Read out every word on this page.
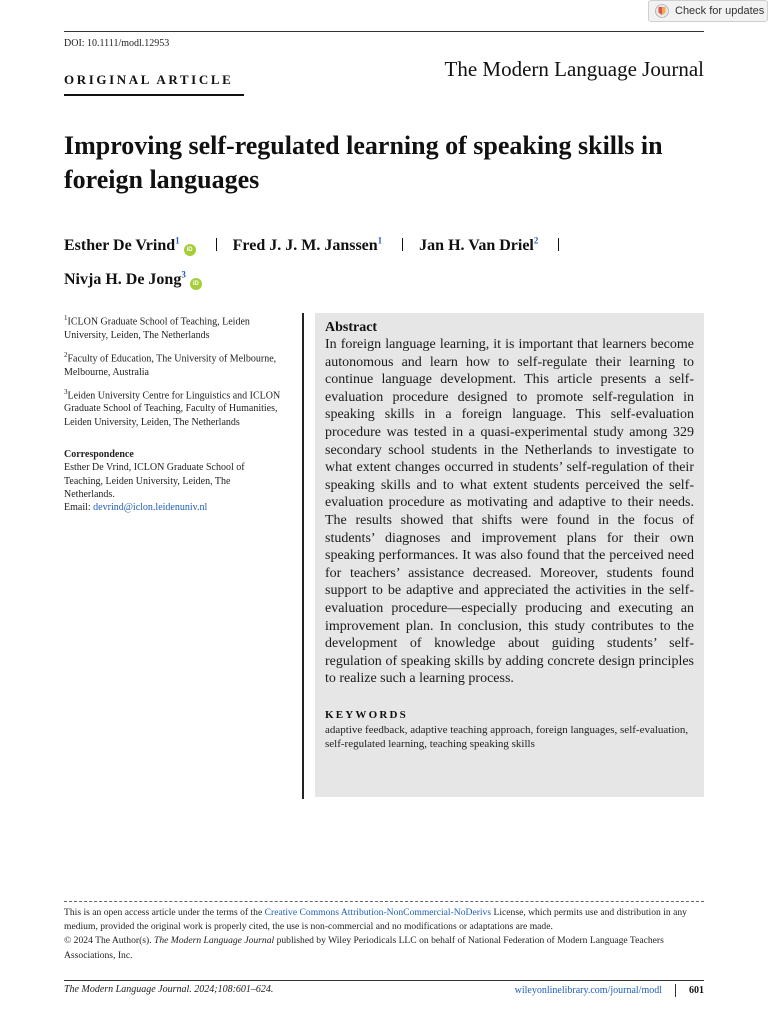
Check for updates
DOI: 10.1111/modl.12953
ORIGINAL ARTICLE	The Modern Language Journal
Improving self-regulated learning of speaking skills in foreign languages
Esther De Vrind$^1$iD	Fred J. J. M. Janssen$^1$ Jan H. Van Driel$^2$
Nivja H. De Jong$^3$iD
$^1$ICLON Graduate School of Teaching, Leiden University, Leiden, The Netherlands
$^2$Faculty of Education, The University of Melbourne, Melbourne, Australia
$^3$Leiden University Centre for Linguistics and ICLON Graduate School of Teaching, Faculty of Humanities, Leiden University, Leiden, The Netherlands
Correspondence
Esther De Vrind, ICLON Graduate School of Teaching, Leiden University, Leiden, The Netherlands.
Email: devrind@iclon.leidenuniv.nl
Abstract

In foreign language learning, it is important that learners become autonomous and learn how to self-regulate their learning to continue language development. This article presents a self-evaluation procedure designed to promote self-regulation in speaking skills in a foreign language. This self-evaluation procedure was tested in a quasi-experimental study among 329 secondary school students in the Netherlands to investigate to what extent changes occurred in students’ self-regulation of their speaking skills and to what extent students perceived the self-evaluation procedure as motivating and adaptive to their needs. The results showed that shifts were found in the focus of students’ diagnoses and improvement plans for their own speaking performances. It was also found that the perceived need for teachers’ assistance decreased. Moreover, students found support to be adaptive and appreciated the activities in the self-evaluation procedure—especially producing and executing an improvement plan. In conclusion, this study contributes to the development of knowledge about guiding students’ self-regulation of speaking skills by adding concrete design principles to realize such a learning process.

KEYWORDS
adaptive feedback, adaptive teaching approach, foreign languages, self-evaluation, self-regulated learning, teaching speaking skills
This is an open access article under the terms of the Creative Commons Attribution-NonCommercial-NoDerivs License, which permits use and distribution in any medium, provided the original work is properly cited, the use is non-commercial and no modifications or adaptations are made.
© 2024 The Author(s). The Modern Language Journal published by Wiley Periodicals LLC on behalf of National Federation of Modern Language Teachers Associations, Inc.
The Modern Language Journal. 2024;108:601–624.	wileyonlinelibrary.com/journal/modl	601
